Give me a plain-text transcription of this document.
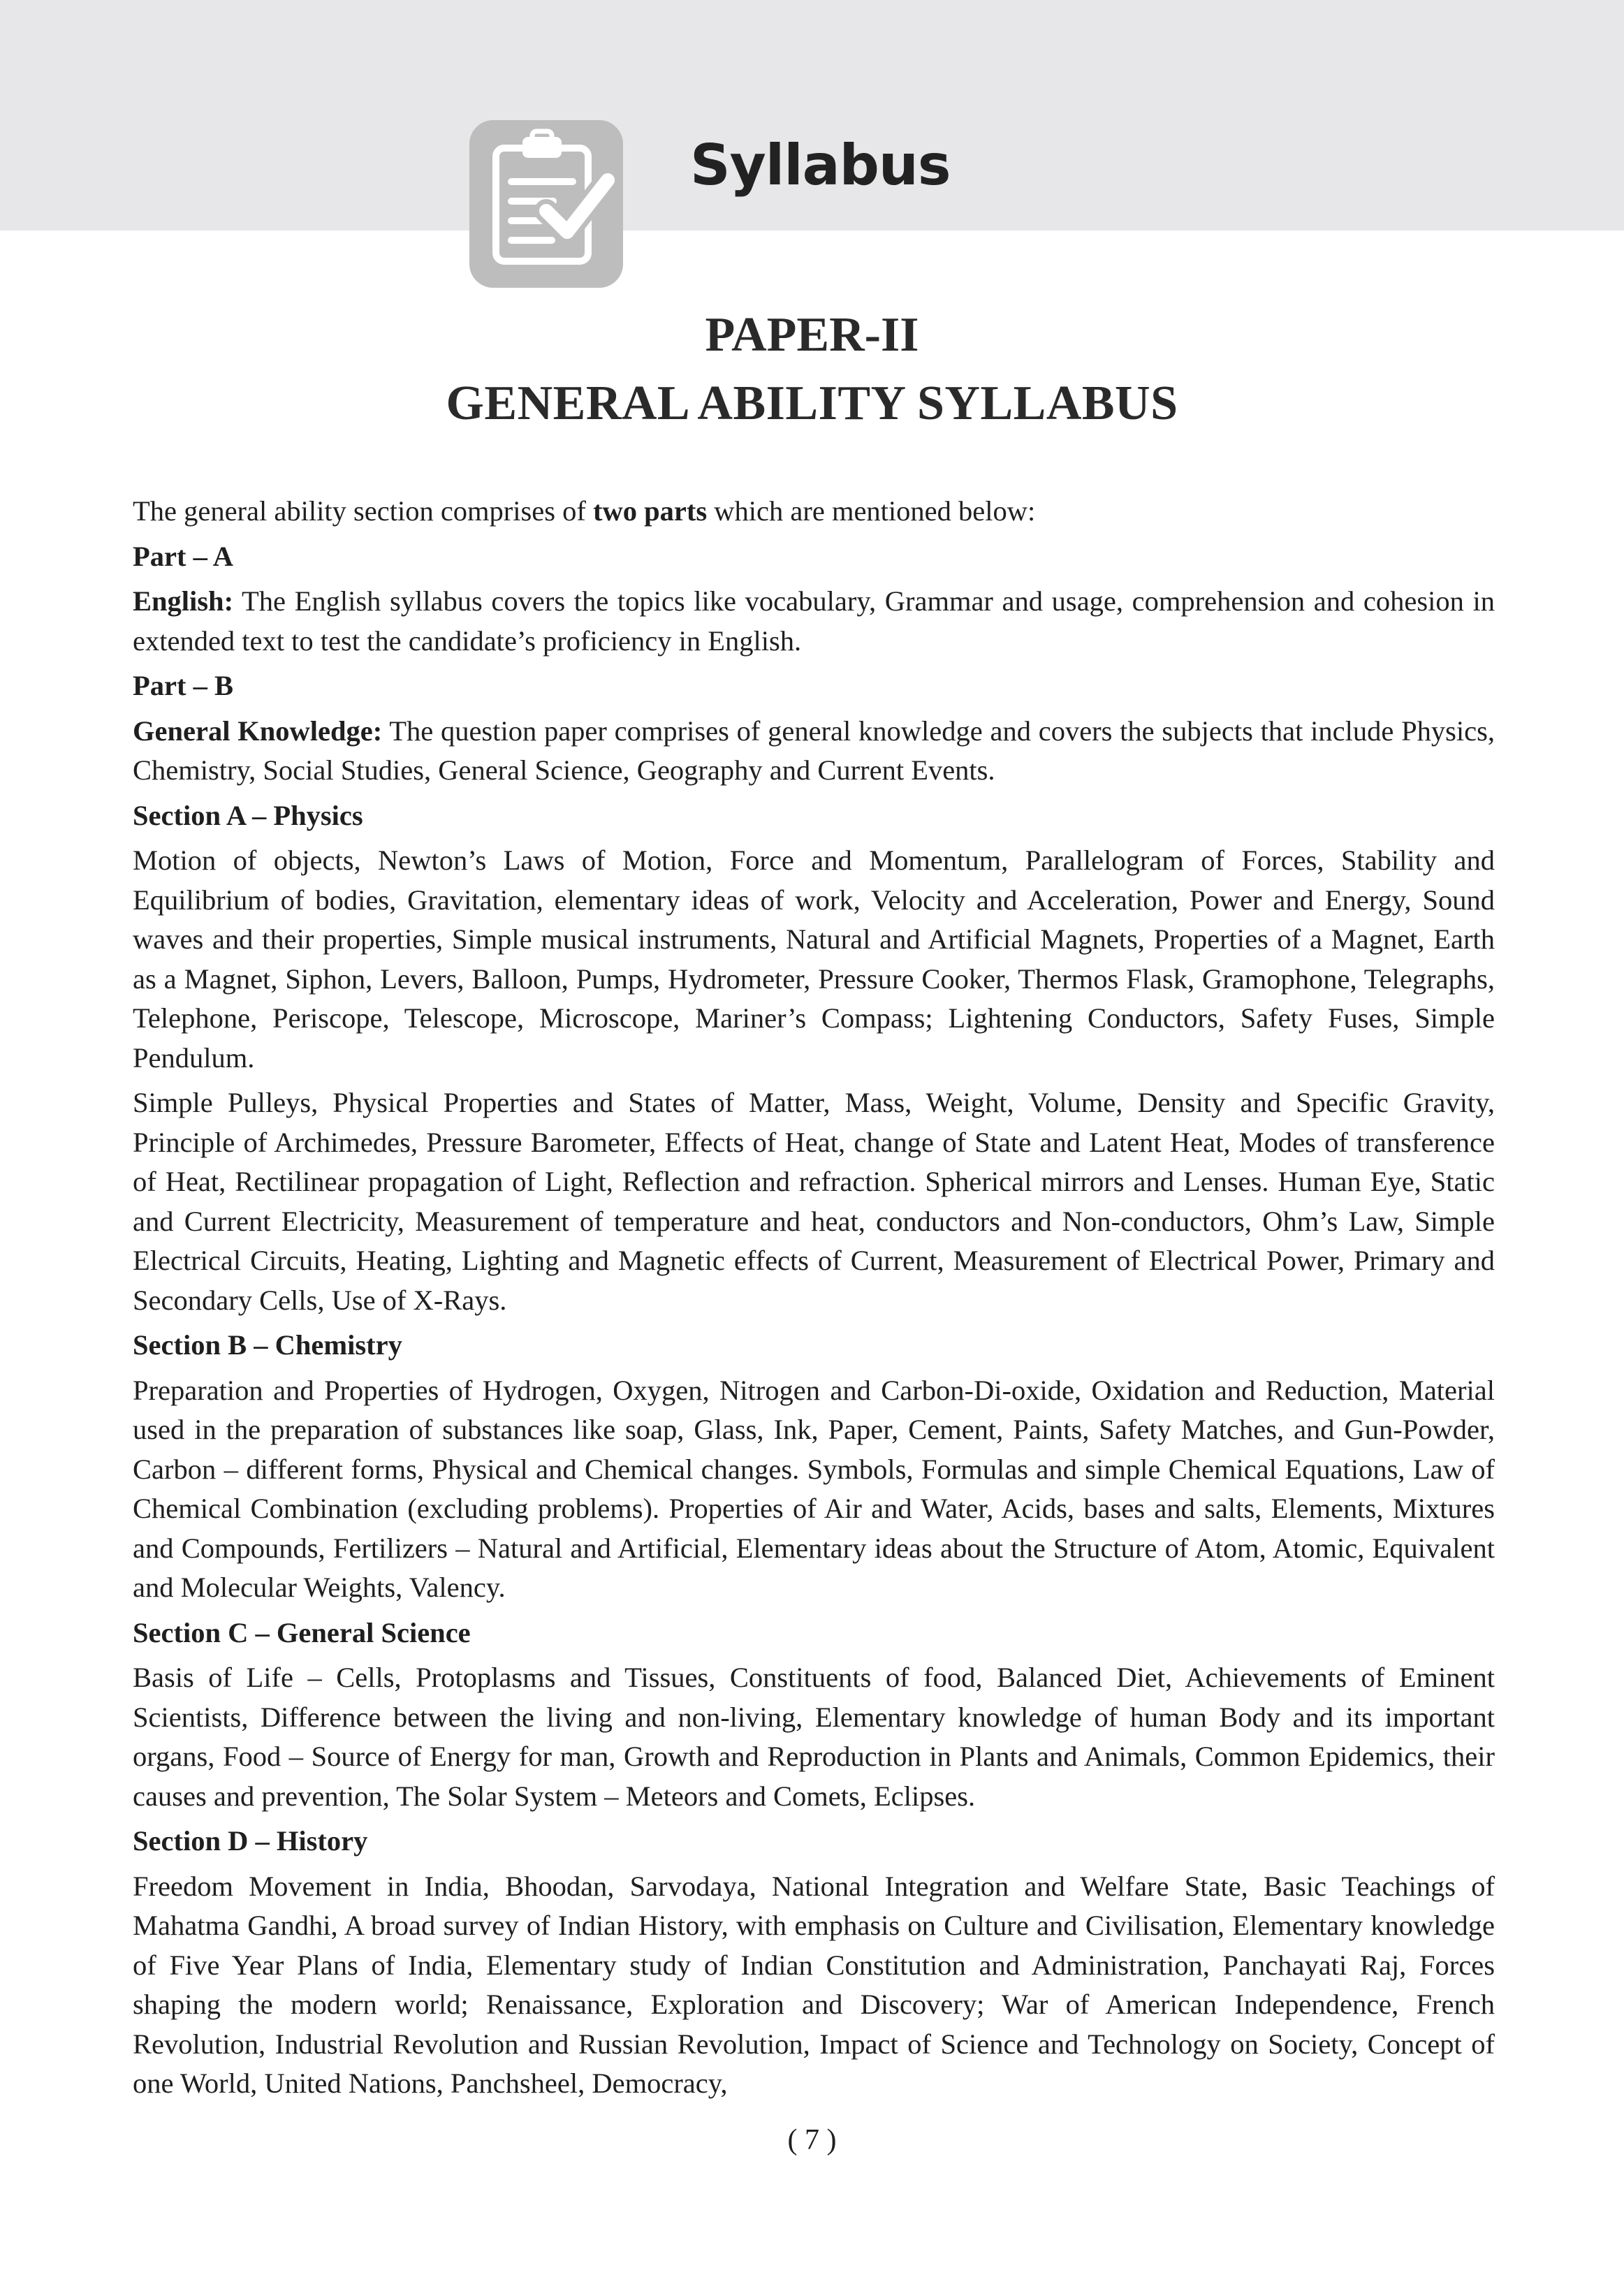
Syllabus
PAPER-II
GENERAL ABILITY SYLLABUS

The general ability section comprises of two parts which are mentioned below:

Part – A

English: The English syllabus covers the topics like vocabulary, Grammar and usage, comprehension and cohesion in extended text to test the candidate’s proficiency in English.

Part – B

General Knowledge: The question paper comprises of general knowledge and covers the subjects that include Physics, Chemistry, Social Studies, General Science, Geography and Current Events.

Section A – Physics

Motion of objects, Newton’s Laws of Motion, Force and Momentum, Parallelogram of Forces, Stability and Equilibrium of bodies, Gravitation, elementary ideas of work, Velocity and Acceleration, Power and Energy, Sound waves and their properties, Simple musical instruments, Natural and Artificial Magnets, Properties of a Magnet, Earth as a Magnet, Siphon, Levers, Balloon, Pumps, Hydrometer, Pressure Cooker, Thermos Flask, Gramophone, Telegraphs, Telephone, Periscope, Telescope, Microscope, Mariner’s Compass; Lightening Conductors, Safety Fuses, Simple Pendulum.

Simple Pulleys, Physical Properties and States of Matter, Mass, Weight, Volume, Density and Specific Gravity, Principle of Archimedes, Pressure Barometer, Effects of Heat, change of State and Latent Heat, Modes of transference of Heat, Rectilinear propagation of Light, Reflection and refraction. Spherical mirrors and Lenses. Human Eye, Static and Current Electricity, Measurement of temperature and heat, conductors and Non-conductors, Ohm’s Law, Simple Electrical Circuits, Heating, Lighting and Magnetic effects of Current, Measurement of Electrical Power, Primary and Secondary Cells, Use of X-Rays.

Section B – Chemistry

Preparation and Properties of Hydrogen, Oxygen, Nitrogen and Carbon-Di-oxide, Oxidation and Reduction, Material used in the preparation of substances like soap, Glass, Ink, Paper, Cement, Paints, Safety Matches, and Gun-Powder, Carbon – different forms, Physical and Chemical changes. Symbols, Formulas and simple Chemical Equations, Law of Chemical Combination (excluding problems). Properties of Air and Water, Acids, bases and salts, Elements, Mixtures and Compounds, Fertilizers – Natural and Artificial, Elementary ideas about the Structure of Atom, Atomic, Equivalent and Molecular Weights, Valency.

Section C – General Science

Basis of Life – Cells, Protoplasms and Tissues, Constituents of food, Balanced Diet, Achievements of Eminent Scientists, Difference between the living and non-living, Elementary knowledge of human Body and its important organs, Food – Source of Energy for man, Growth and Reproduction in Plants and Animals, Common Epidemics, their causes and prevention, The Solar System – Meteors and Comets, Eclipses.

Section D – History

Freedom Movement in India, Bhoodan, Sarvodaya, National Integration and Welfare State, Basic Teachings of Mahatma Gandhi, A broad survey of Indian History, with emphasis on Culture and Civilisation, Elementary knowledge of Five Year Plans of India, Elementary study of Indian Constitution and Administration, Panchayati Raj, Forces shaping the modern world; Renaissance, Exploration and Discovery; War of American Independence, French Revolution, Industrial Revolution and Russian Revolution, Impact of Science and Technology on Society, Concept of one World, United Nations, Panchsheel, Democracy,

( 7 )
